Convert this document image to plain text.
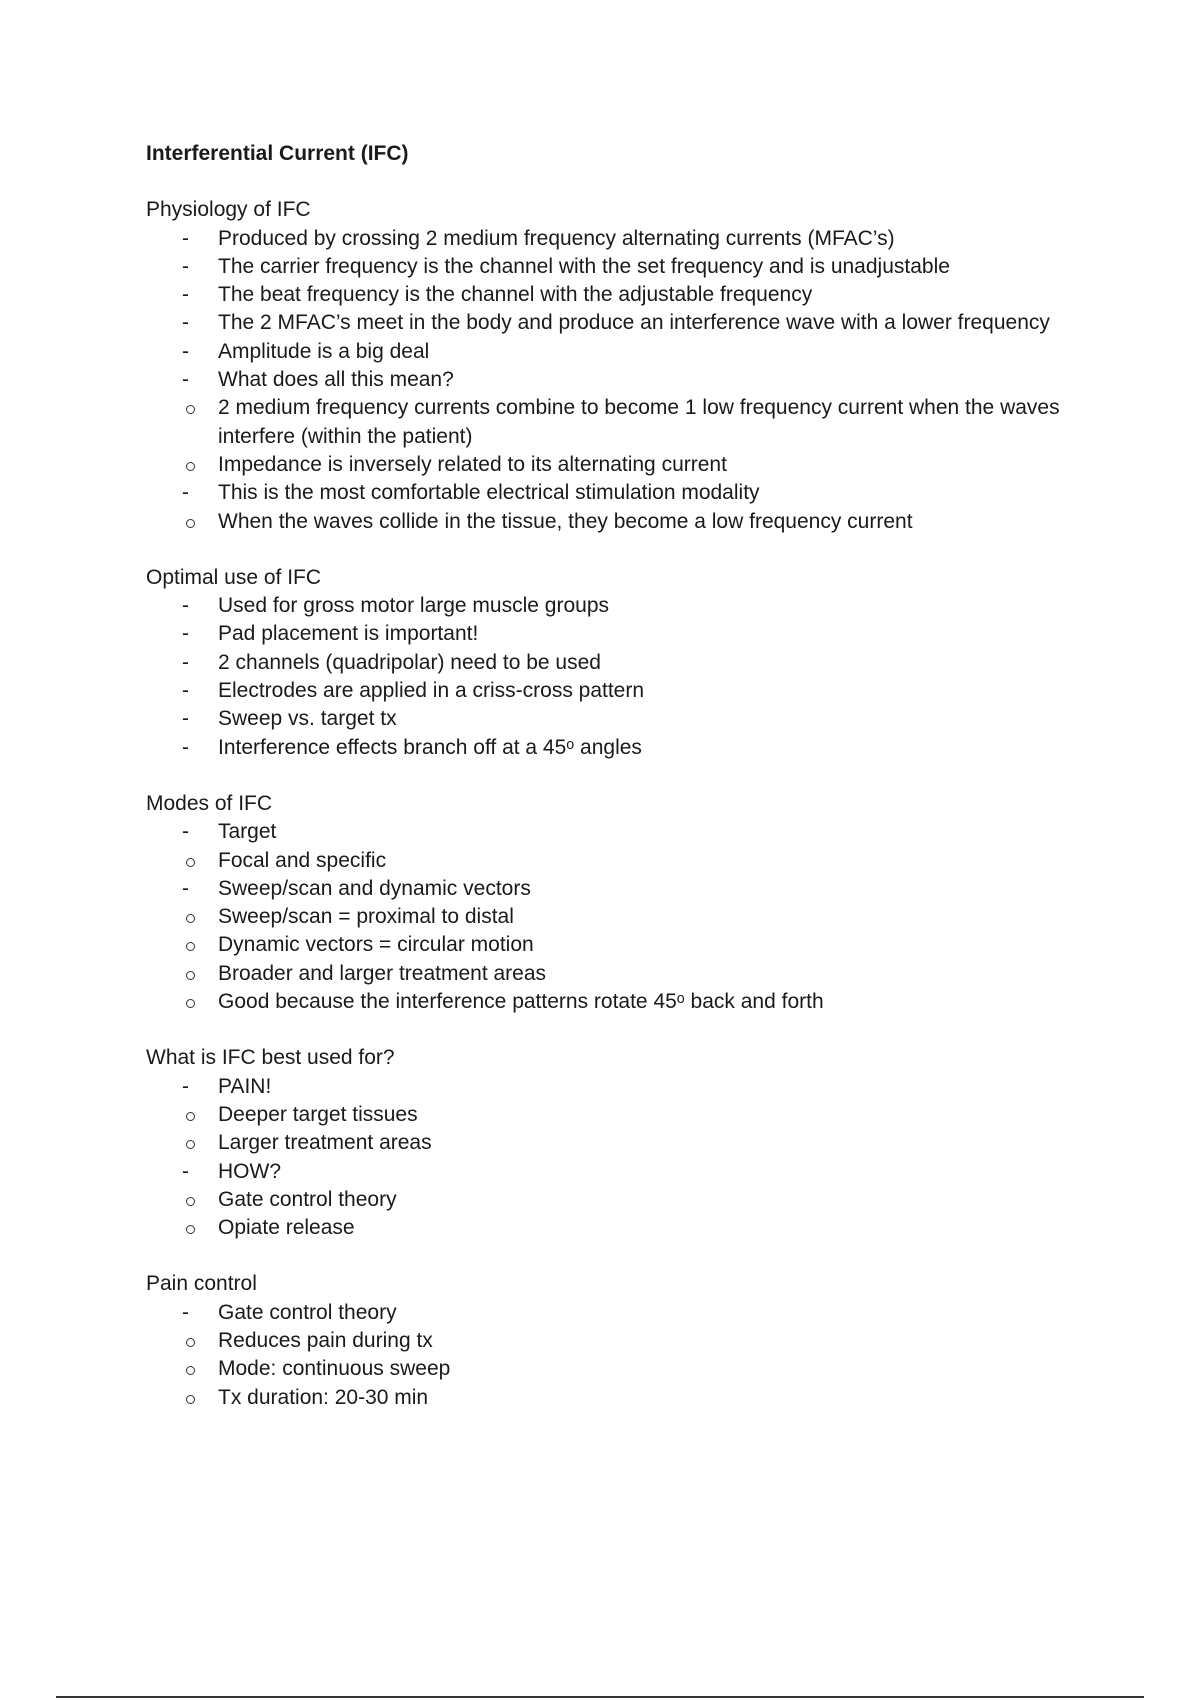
Interferential Current (IFC)

Physiology of IFC

- Produced by crossing 2 medium frequency alternating currents (MFAC’s)
- The carrier frequency is the channel with the set frequency and is unadjustable
- The beat frequency is the channel with the adjustable frequency
- The 2 MFAC’s meet in the body and produce an interference wave with a lower frequency
- Amplitude is a big deal
- What does all this mean?
2 medium frequency currents combine to become 1 low frequency current when the waves interfere (within the patient)
Impedance is inversely related to its alternating current
- This is the most comfortable electrical stimulation modality
When the waves collide in the tissue, they become a low frequency current

Optimal use of IFC

- Used for gross motor large muscle groups
- Pad placement is important!
- 2 channels (quadripolar) need to be used
- Electrodes are applied in a criss-cross pattern
- Sweep vs. target tx
- Interference effects branch off at a 45ᵒ angles

Modes of IFC

- Target
Focal and specific
- Sweep/scan and dynamic vectors
Sweep/scan = proximal to distal
Dynamic vectors = circular motion
Broader and larger treatment areas
Good because the interference patterns rotate 45ᵒ back and forth

What is IFC best used for?

- PAIN!
Deeper target tissues
Larger treatment areas
- HOW?
Gate control theory
Opiate release

Pain control

- Gate control theory
Reduces pain during tx
Mode: continuous sweep
Tx duration: 20-30 min
